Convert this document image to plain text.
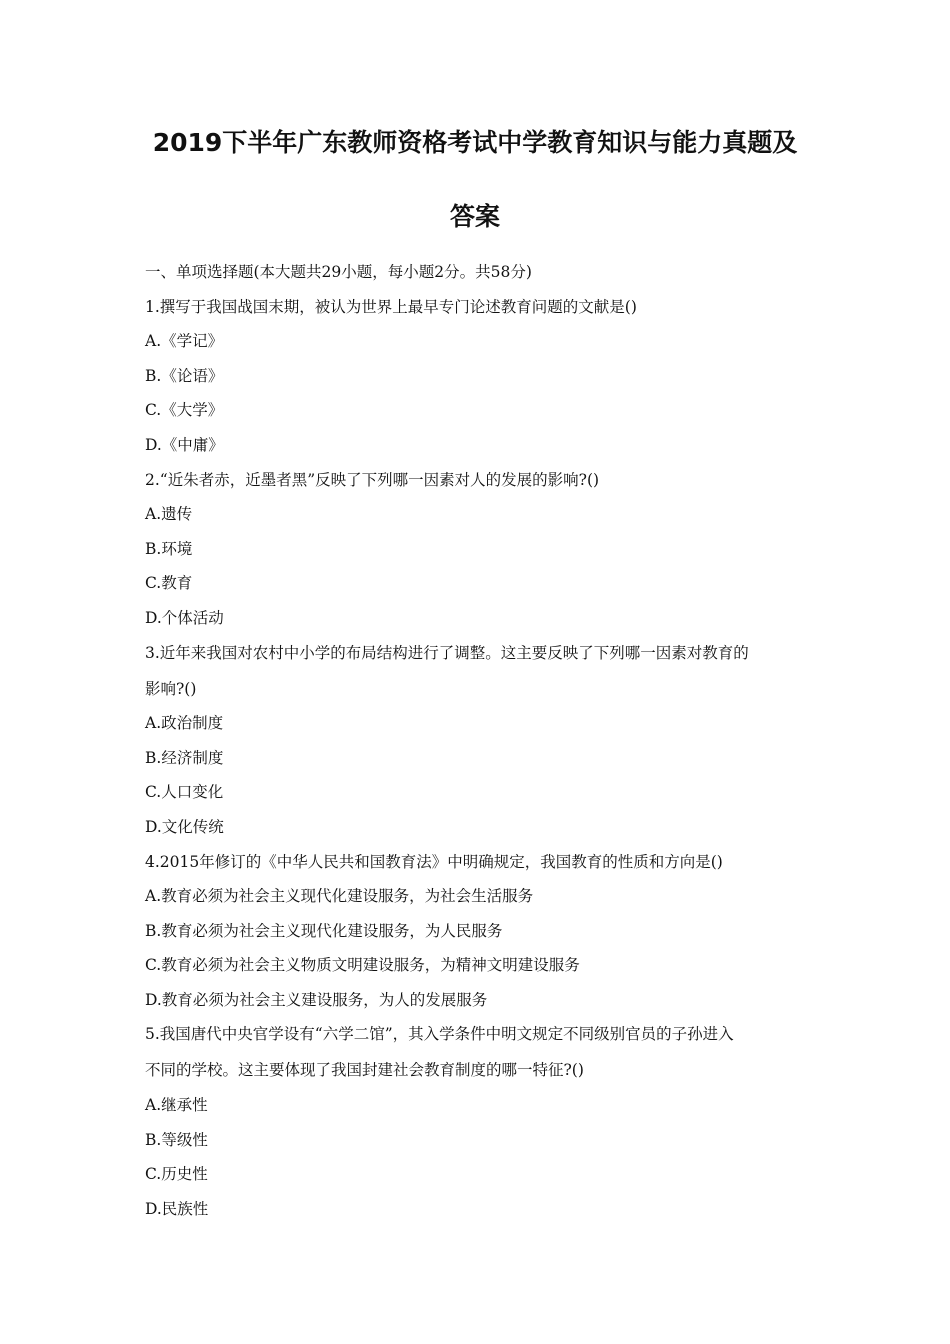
2019下半年广东教师资格考试中学教育知识与能力真题及
答案
一、单项选择题(本大题共29小题，每小题2分。共58分)
1.撰写于我国战国末期，被认为世界上最早专门论述教育问题的文献是()
A.《学记》
B.《论语》
C.《大学》
D.《中庸》
2.“近朱者赤，近墨者黑”反映了下列哪一因素对人的发展的影响?()
A.遗传
B.环境
C.教育
D.个体活动
3.近年来我国对农村中小学的布局结构进行了调整。这主要反映了下列哪一因素对教育的
影响?()
A.政治制度
B.经济制度
C.人口变化
D.文化传统
4.2015年修订的《中华人民共和国教育法》中明确规定，我国教育的性质和方向是()
A.教育必须为社会主义现代化建设服务，为社会生活服务
B.教育必须为社会主义现代化建设服务，为人民服务
C.教育必须为社会主义物质文明建设服务，为精神文明建设服务
D.教育必须为社会主义建设服务，为人的发展服务
5.我国唐代中央官学设有“六学二馆”，其入学条件中明文规定不同级别官员的子孙进入
不同的学校。这主要体现了我国封建社会教育制度的哪一特征?()
A.继承性
B.等级性
C.历史性
D.民族性
